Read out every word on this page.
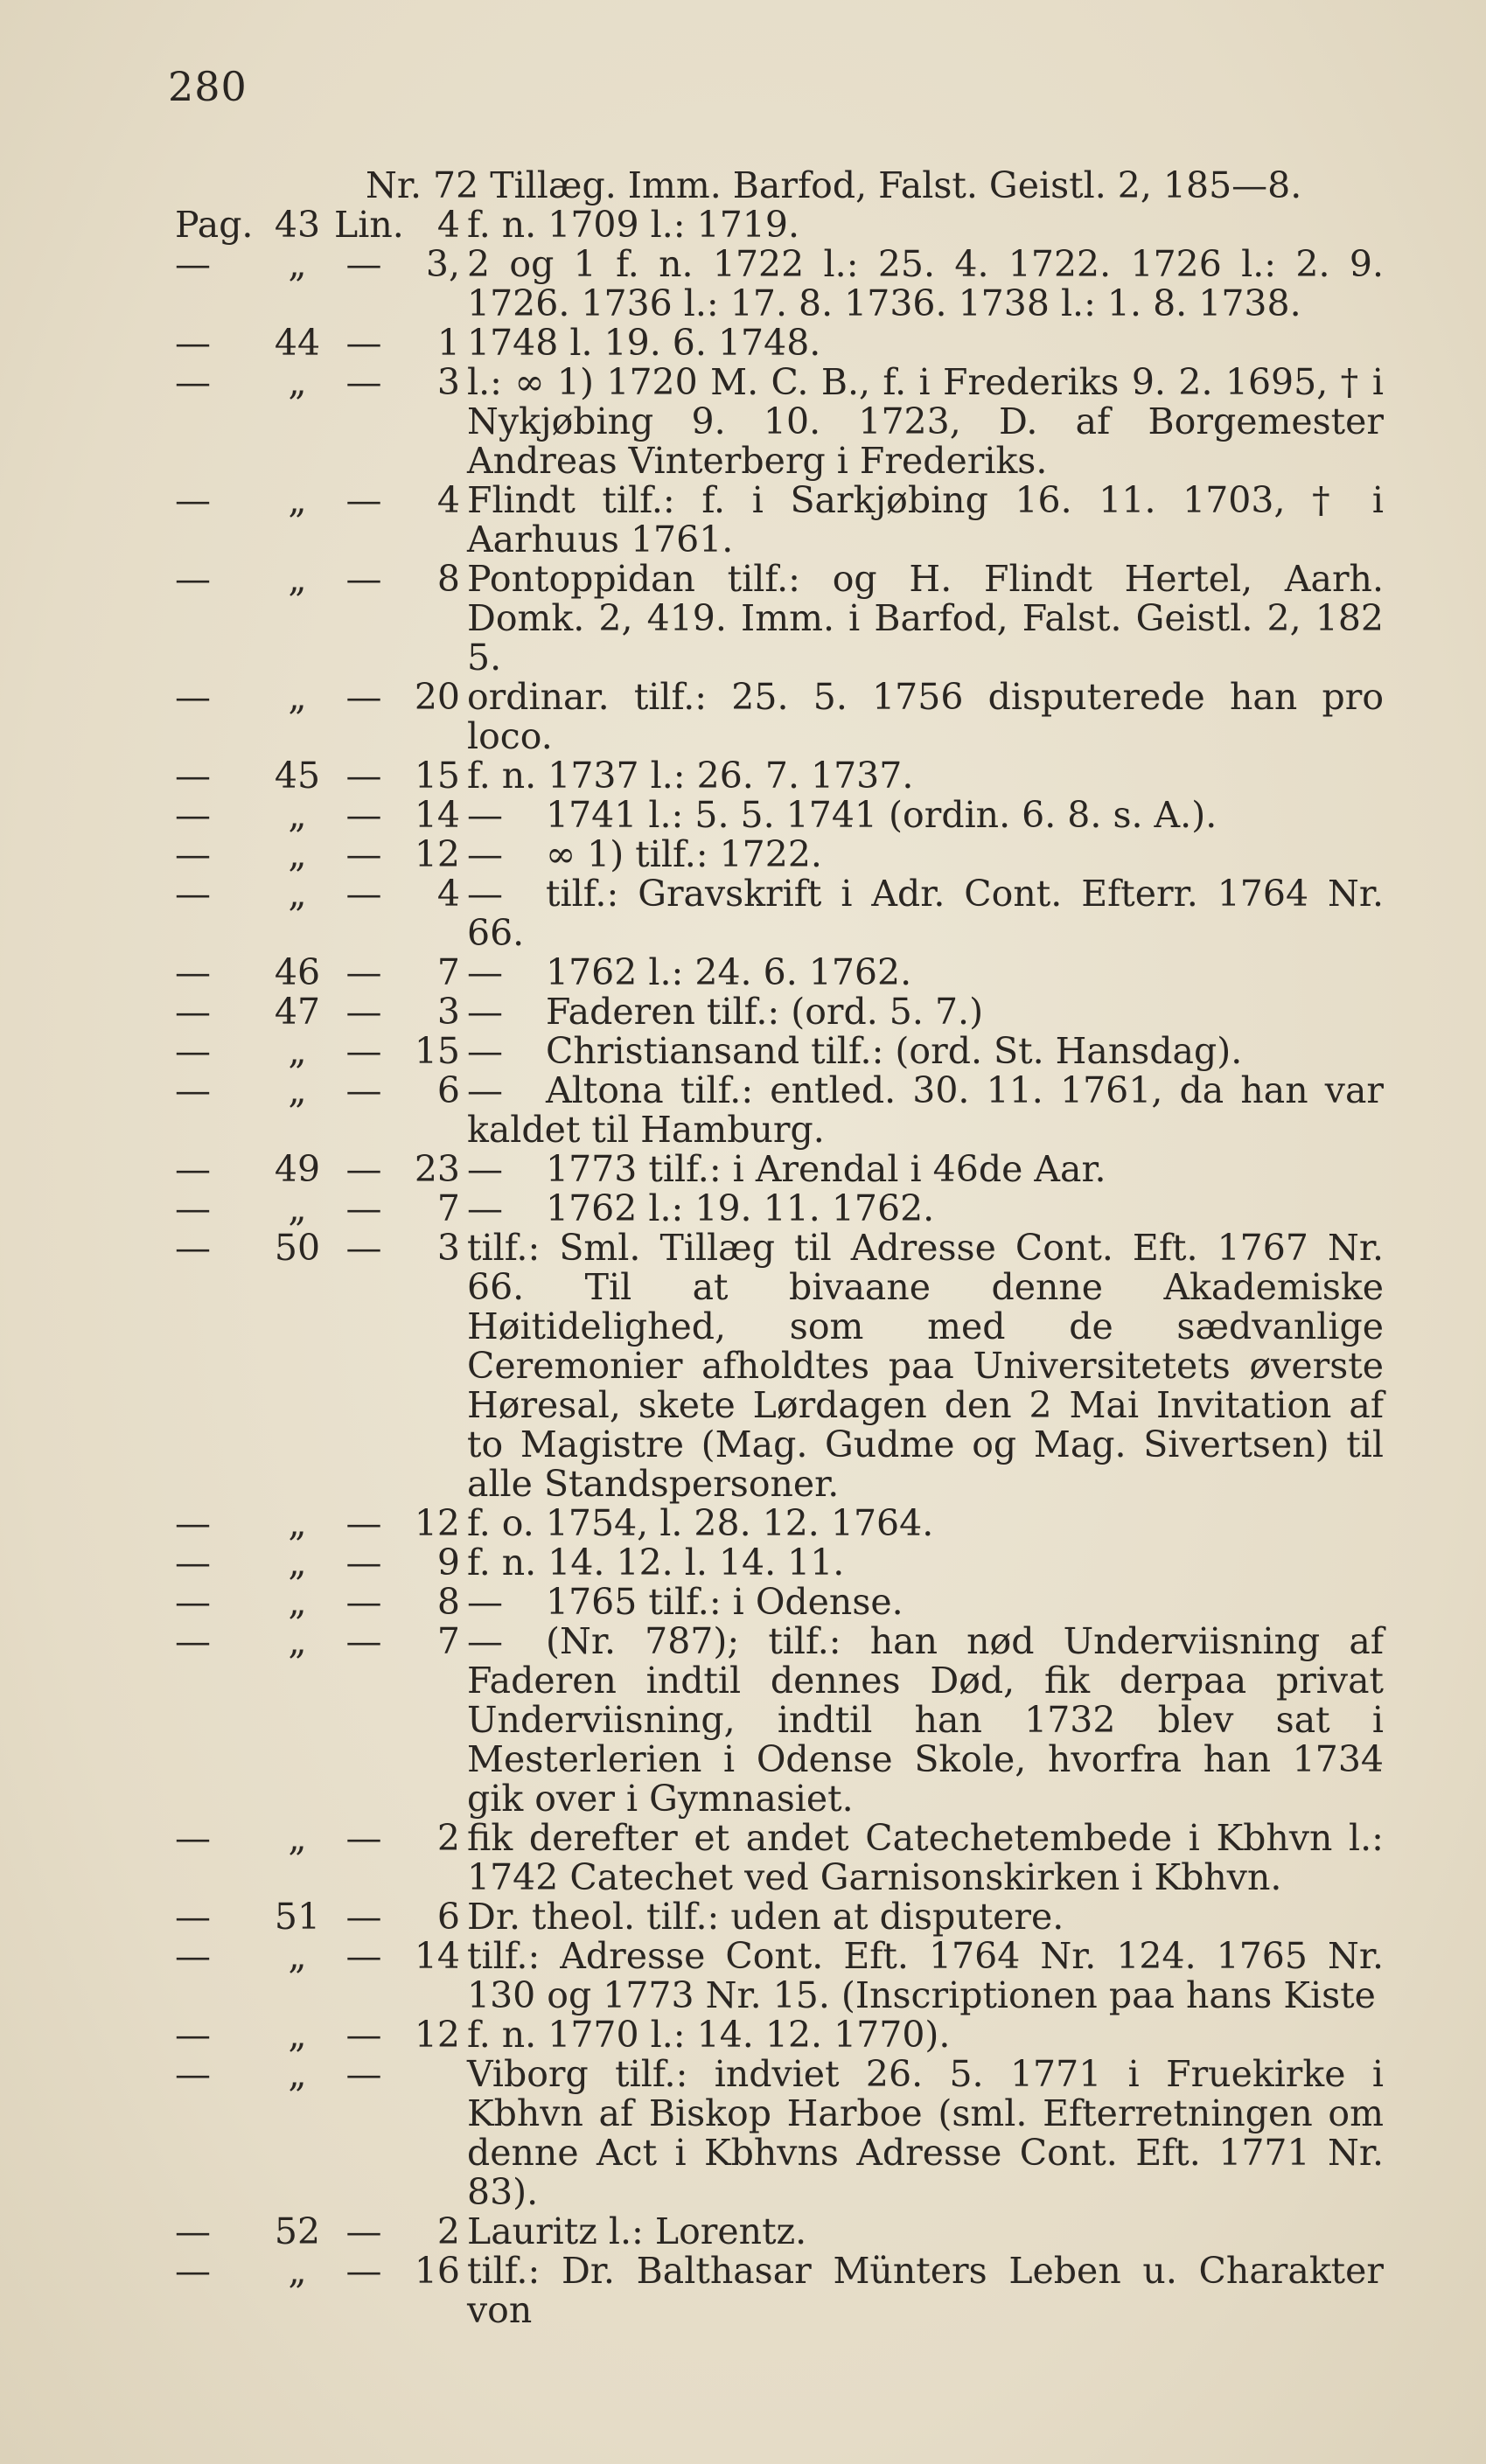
280
Nr. 72 Tillæg. Imm. Barfod, Falst. Geistl. 2, 185—8.
Pag. 43 Lin. 4 f. n. 1709 l.: 1719.
—	„	—	3, 2 og 1 f. n. 1722 l.: 25. 4. 1722. 1726 l.: 2. 9. 1726. 1736 l.: 17. 8. 1736. 1738 l.: 1. 8. 1738.
—	44 —	1 1748 l. 19. 6. 1748.
—	„	—	3 l.: ∞ 1) 1720 M. C. B., f. i Frederiks 9. 2. 1695, † i Nykjøbing 9. 10. 1723, D. af Borgemester Andreas Vinterberg i Frederiks.
—	„	—	4 Flindt tilf.: f. i Sarkjøbing 16. 11. 1703, † i Aarhuus 1761.
—	„	—	8 Pontoppidan tilf.: og H. Flindt Hertel, Aarh. Domk. 2, 419. Imm. i Barfod, Falst. Geistl. 2, 182 5.
—	„	— 20 ordinar. tilf.: 25. 5. 1756 disputerede han pro loco.
—	45 — 15 f. n. 1737 l.: 26. 7. 1737.
—	„	— 14 — 1741 l.: 5. 5. 1741 (ordin. 6. 8. s. A.).
—	„	— 12 — ∞ 1) tilf.: 1722.
—	„	—	4 — tilf.: Gravskrift i Adr. Cont. Efterr. 1764 Nr. 66.
—	46 —	7 — 1762 l.: 24. 6. 1762.
—	47 —	3 — Faderen tilf.: (ord. 5. 7.)
—	„	— 15 — Christiansand tilf.: (ord. St. Hansdag).
—	„	—	6 — Altona tilf.: entled. 30. 11. 1761, da han var kaldet til Hamburg.
—	49 — 23 — 1773 tilf.: i Arendal i 46de Aar.
—	„	—	7 — 1762 l.: 19. 11. 1762.
—	50 —	3 tilf.: Sml. Tillæg til Adresse Cont. Eft. 1767 Nr. 66. Til at bivaane denne Akademiske Høitidelighed, som med de sædvanlige Ceremonier afholdtes paa Universitetets øverste Høresal, skete Lørdagen den 2 Mai Invitation af to Magistre (Mag. Gudme og Mag. Sivertsen) til alle Standspersoner.
—	„	— 12 f. o. 1754, l. 28. 12. 1764.
—	„	—	9 f. n. 14. 12. l. 14. 11.
—	„	—	8 — 1765 tilf.: i Odense.
—	„	—	7 — (Nr. 787); tilf.: han nød Underviisning af Faderen indtil dennes Død, fik derpaa privat Underviisning, indtil han 1732 blev sat i Mesterlerien i Odense Skole, hvorfra han 1734 gik over i Gymnasiet.
—	„	—	2 fik derefter et andet Catechetembede i Kbhvn l.: 1742 Catechet ved Garnisonskirken i Kbhvn.
—	51 —	6 Dr. theol. tilf.: uden at disputere.
—	„	— 14 tilf.: Adresse Cont. Eft. 1764 Nr. 124. 1765 Nr. 130 og 1773 Nr. 15. (Inscriptionen paa hans Kiste
—	„	— 12 f. n. 1770 l.: 14. 12. 1770).
—	„	—	Viborg tilf.: indviet 26. 5. 1771 i Fruekirke i Kbhvn af Biskop Harboe (sml. Efterretningen om denne Act i Kbhvns Adresse Cont. Eft. 1771 Nr. 83).
—	52 —	2 Lauritz l.: Lorentz.
—	„	— 16 tilf.: Dr. Balthasar Münters Leben u. Charakter von
